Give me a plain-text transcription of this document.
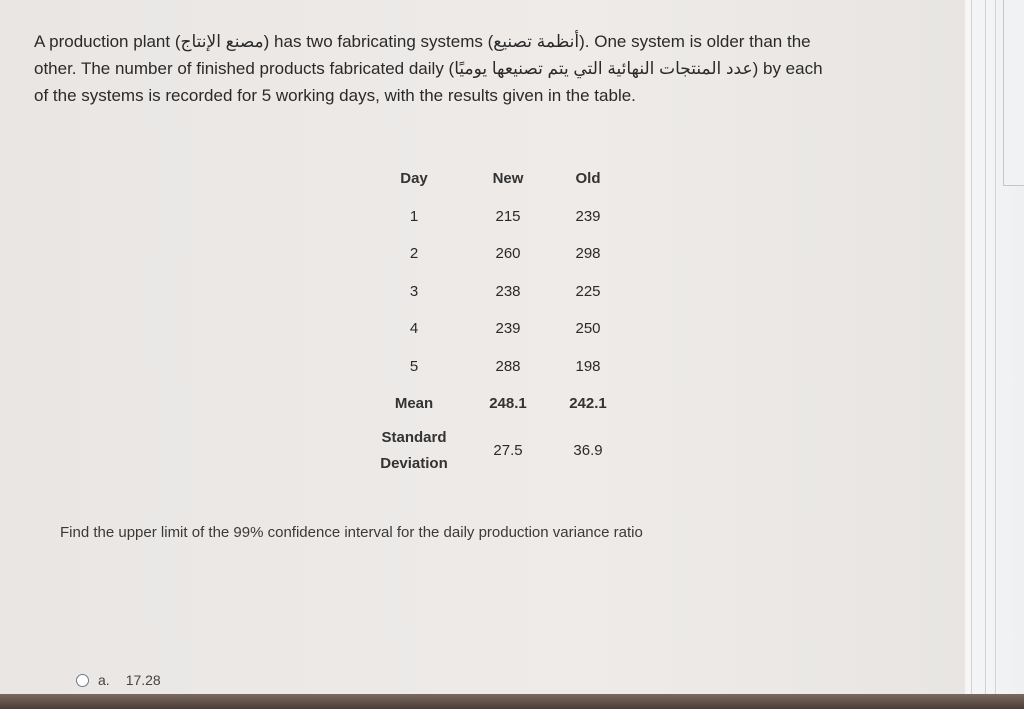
A production plant (مصنع الإنتاج) has two fabricating systems (أنظمة تصنيع). One system is older than the

other. The number of finished products fabricated daily (عدد المنتجات النهائية التي يتم تصنيعها يوميًا) by each

of the systems is recorded for 5 working days, with the results given in the table.

Day	New	Old
1	215	239
2	260	298
3	238	225
4	239	250
5	288	198
Mean	248.1	242.1
Standard
Deviation	27.5	36.9
Find the upper limit of the 99% confidence interval for the daily production variance ratio
a. 17.28
